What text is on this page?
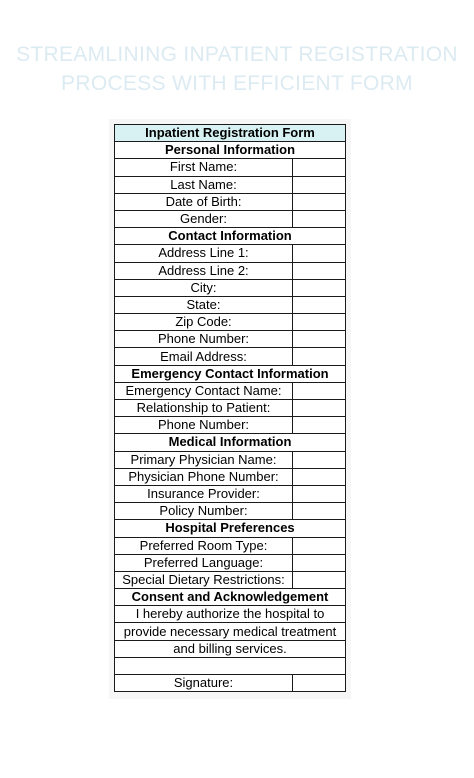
STREAMLINING INPATIENT REGISTRATION
PROCESS WITH EFFICIENT FORM
Inpatient Registration Form	
Personal Information	
First Name:	
Last Name:	
Date of Birth:	
Gender:	
Contact Information	
Address Line 1:	
Address Line 2:	
City:	
State:	
Zip Code:	
Phone Number:	
Email Address:	
Emergency Contact Information	
Emergency Contact Name:	
Relationship to Patient:	
Phone Number:	
Medical Information	
Primary Physician Name:	
Physician Phone Number:	
Insurance Provider:	
Policy Number:	
Hospital Preferences	
Preferred Room Type:	
Preferred Language:	
Special Dietary Restrictions:	
Consent and Acknowledgement	
I hereby authorize the hospital to	
provide necessary medical treatment	
and billing services.	

Signature:	
